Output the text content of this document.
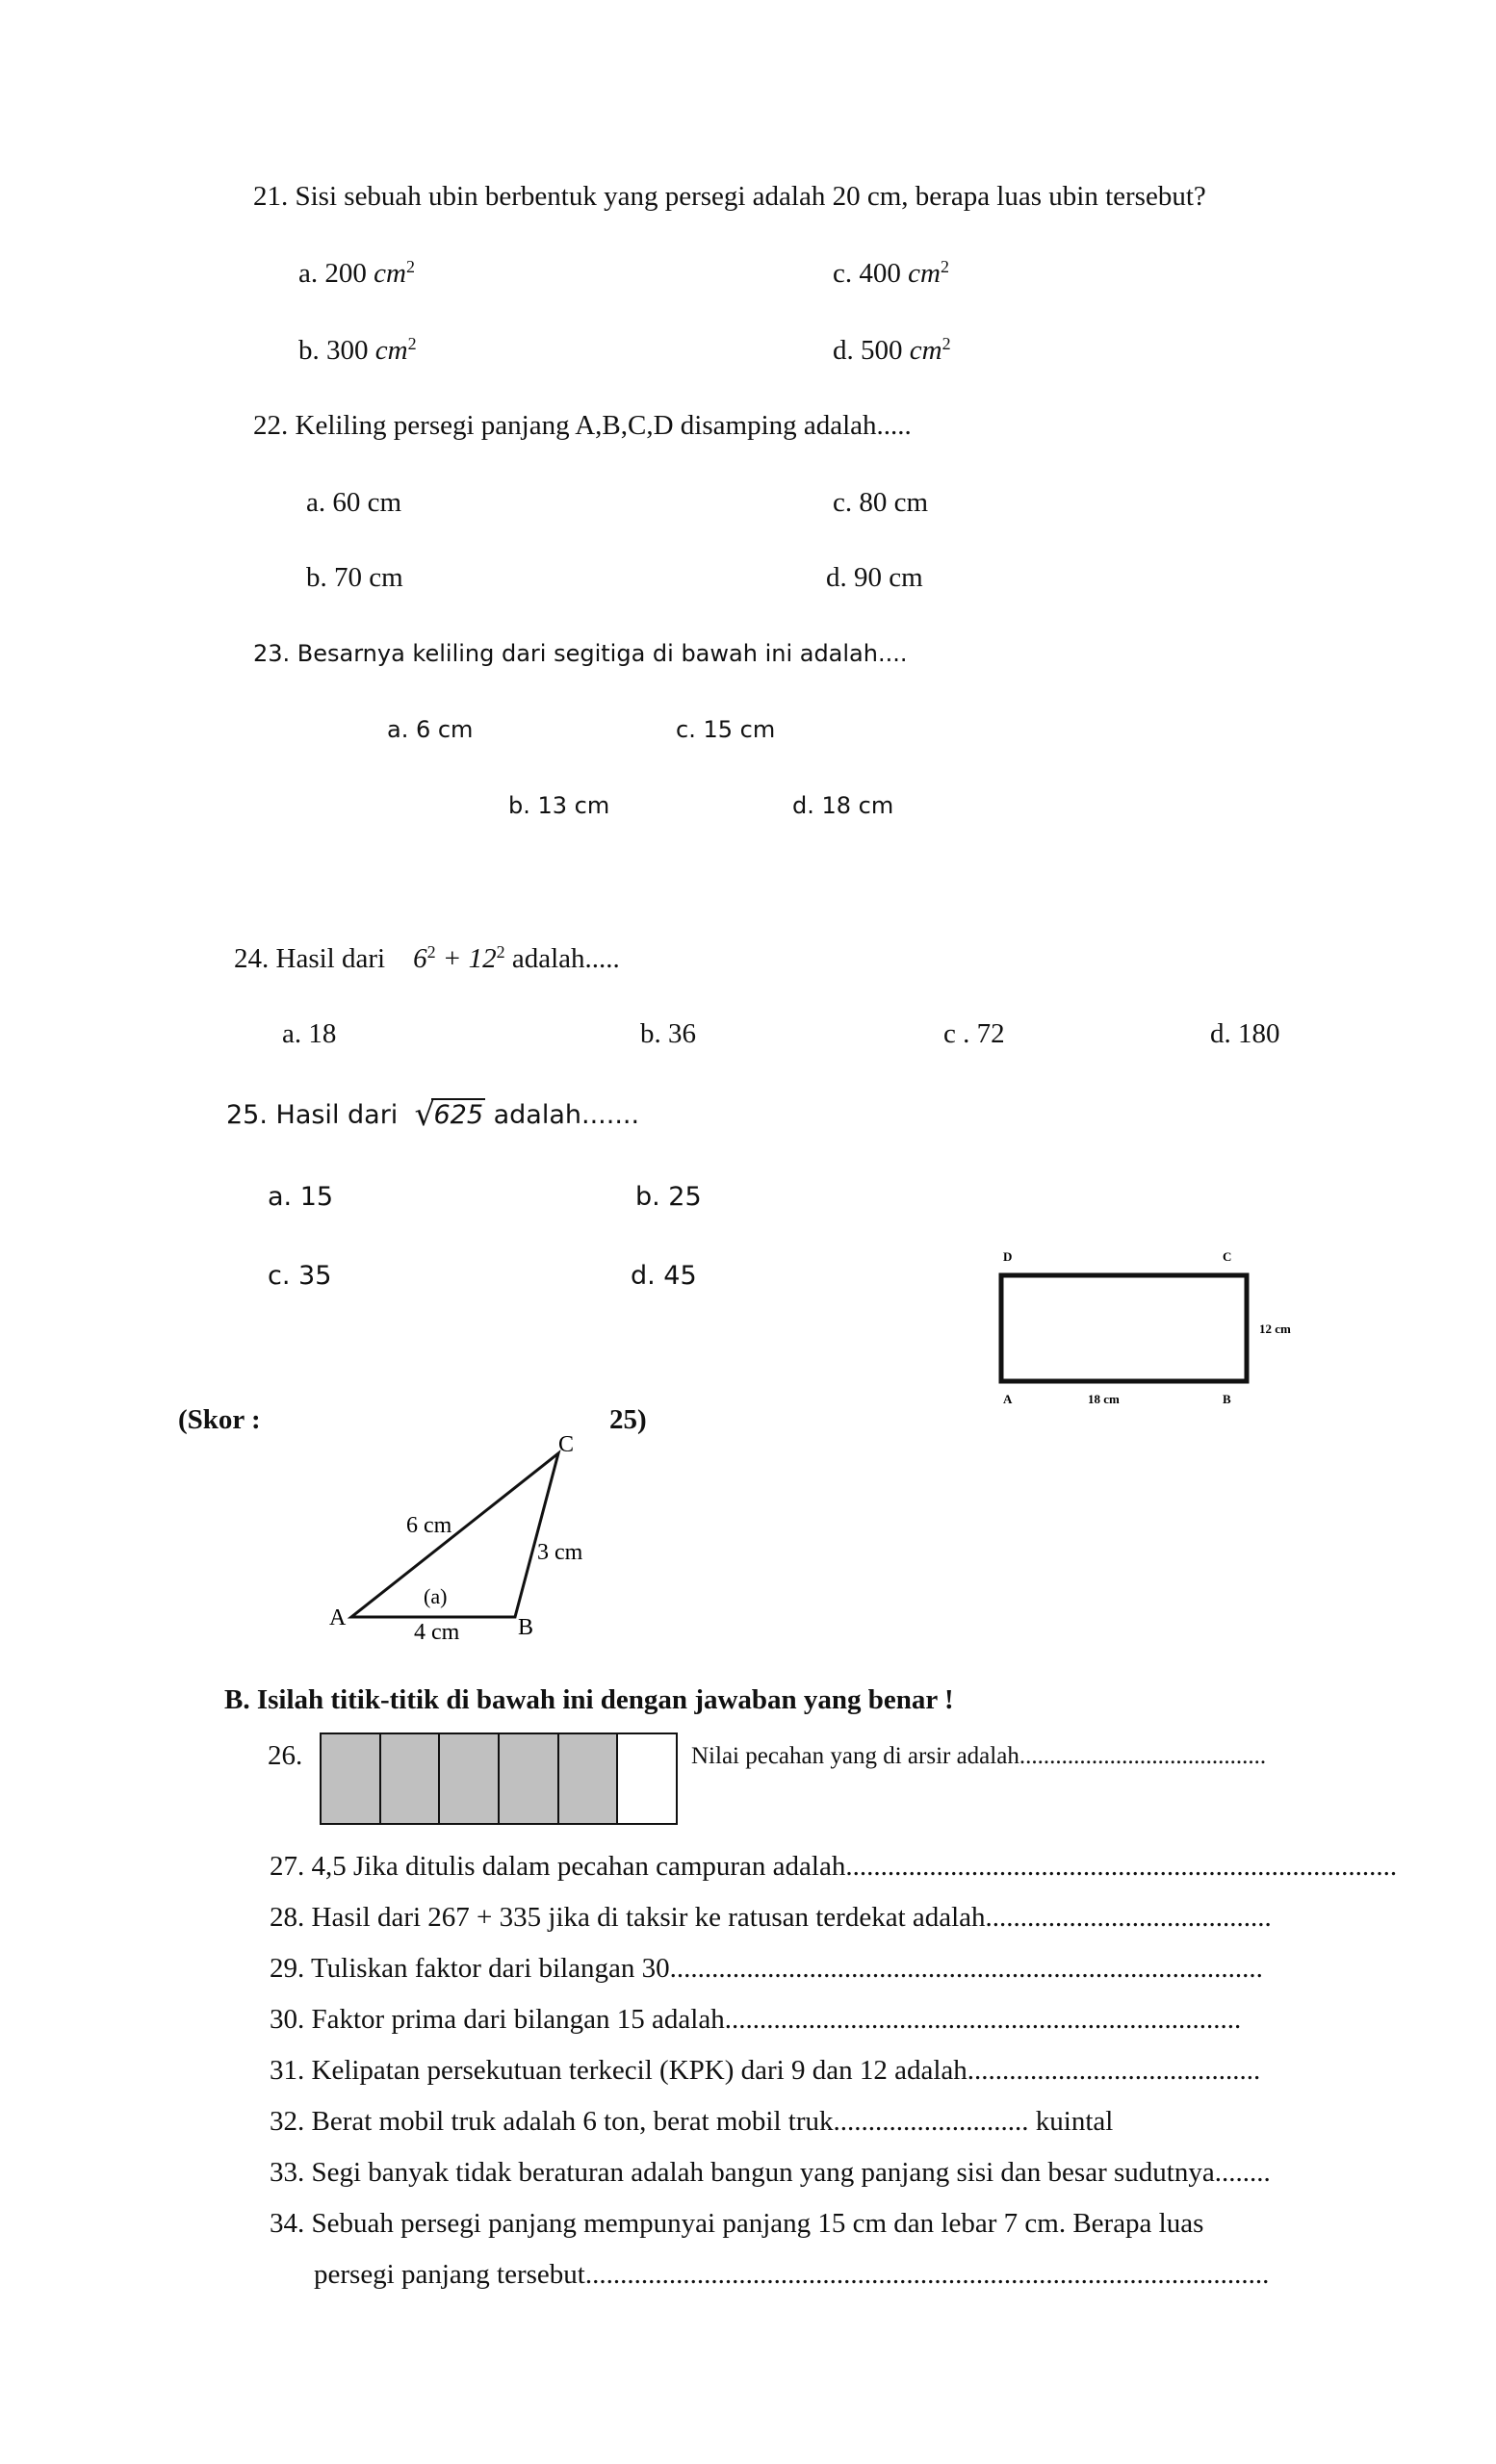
21. Sisi sebuah ubin berbentuk yang persegi adalah 20 cm, berapa luas ubin tersebut?
a. 200 $cm^2$	c. 400 $cm^2$
b. 300 $cm^2$	d. 500 $cm^2$
22. Keliling persegi panjang A,B,C,D disamping adalah.....
a. 60 cm	c. 80 cm
b. 70 cm	d. 90 cm
23. Besarnya keliling dari segitiga di bawah ini adalah....
a. 6 cm	c. 15 cm
b. 13 cm	d. 18 cm
24. Hasil dari $6^2 + 12^2$ adalah.....
a. 18	b. 36	c . 72	d. 180
25. Hasil dari √
625 adalah.......
a. 15	b. 25
c. 35	d. 45
D	C
12 cm
A	18 cm	B
(Skor :	25)
C
A	B
6 cm
3 cm
(a)
4 cm
B. Isilah titik-titik di bawah ini dengan jawaban yang benar !
26.	Nilai pecahan yang di arsir adalah.........................................
27. 4,5 Jika ditulis dalam pecahan campuran adalah...............................................................................
28. Hasil dari 267 + 335 jika di taksir ke ratusan terdekat adalah.........................................
29. Tuliskan faktor dari bilangan 30.....................................................................................
30. Faktor prima dari bilangan 15 adalah..........................................................................
31. Kelipatan persekutuan terkecil (KPK) dari 9 dan 12 adalah..........................................
32. Berat mobil truk adalah 6 ton, berat mobil truk............................ kuintal
33. Segi banyak tidak beraturan adalah bangun yang panjang sisi dan besar sudutnya........
34. Sebuah persegi panjang mempunyai panjang 15 cm dan lebar 7 cm. Berapa luas
persegi panjang tersebut..................................................................................................
